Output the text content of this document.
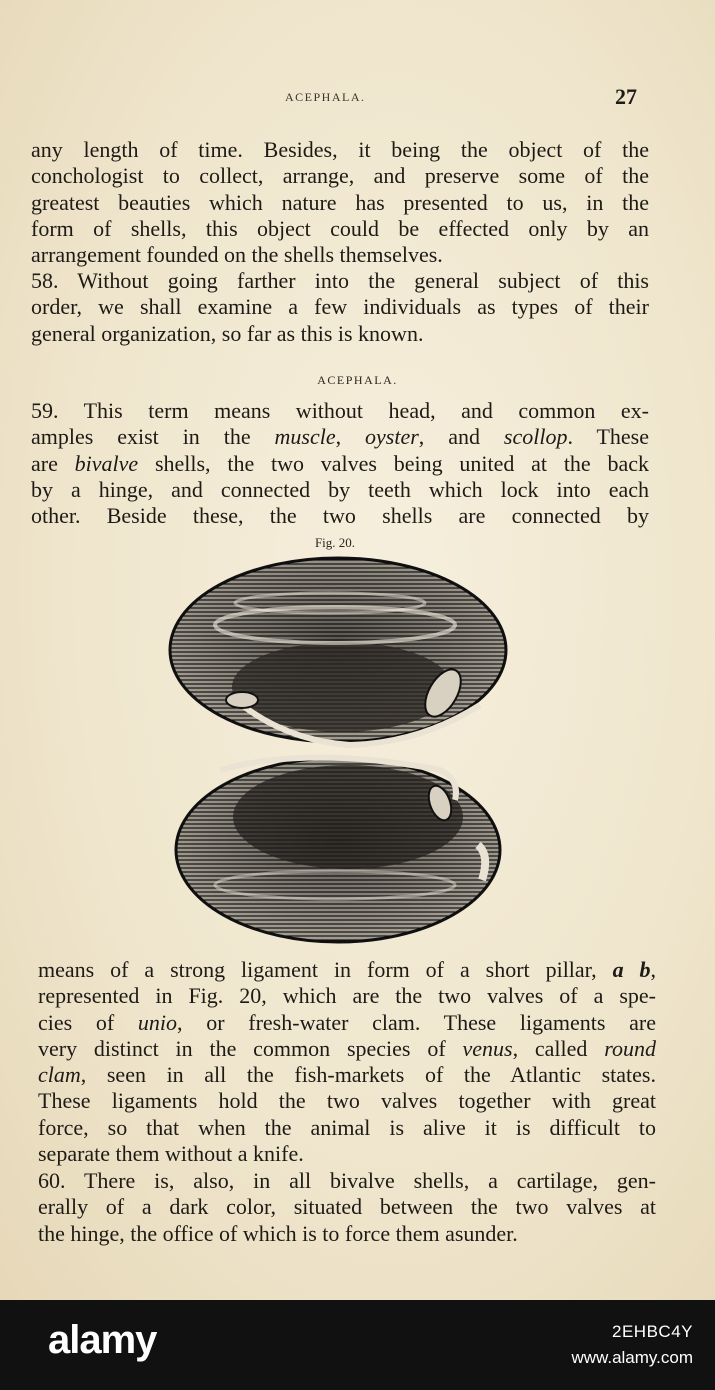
ACEPHALA.	27

any length of time. Besides, it being the object of the
conchologist to collect, arrange, and preserve some of the
greatest beauties which nature has presented to us, in the
form of shells, this object could be effected only by an
arrangement founded on the shells themselves.

58. Without going farther into the general subject of this
order, we shall examine a few individuals as types of their
general organization, so far as this is known.

ACEPHALA.

59. This term means without head, and common ex-
amples exist in the muscle, oyster, and scollop. These
are bivalve shells, the two valves being united at the back
by a hinge, and connected by teeth which lock into each
other. Beside these, the two shells are connected by

Fig. 20.

means of a strong ligament in form of a short pillar, a b,
represented in Fig. 20, which are the two valves of a spe-
cies of unio, or fresh-water clam. These ligaments are
very distinct in the common species of venus, called round
clam, seen in all the fish-markets of the Atlantic states.
These ligaments hold the two valves together with great
force, so that when the animal is alive it is difficult to
separate them without a knife.

60. There is, also, in all bivalve shells, a cartilage, gen-
erally of a dark color, situated between the two valves at
the hinge, the office of which is to force them asunder.

alamy	2EHBC4Y
www.alamy.com
